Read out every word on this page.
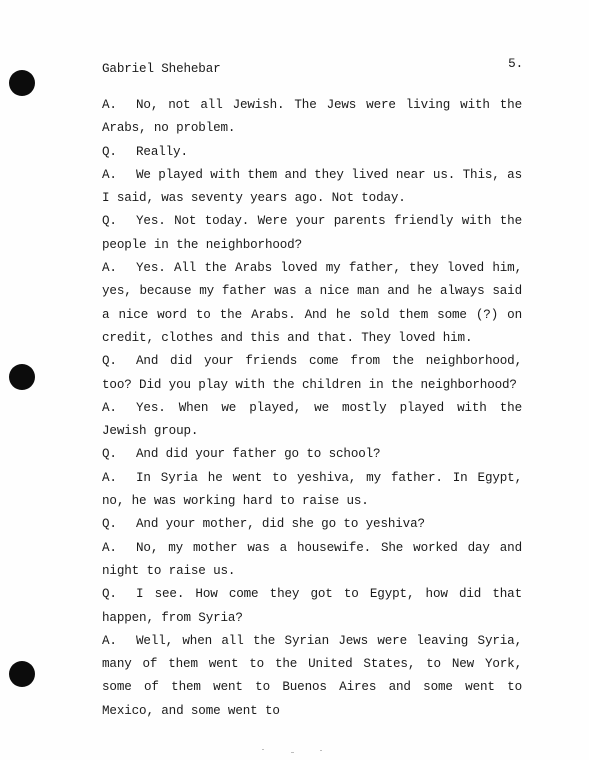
Gabriel Shehebar	5.

A. No, not all Jewish. The Jews were living with the Arabs, no problem.

Q. Really.

A. We played with them and they lived near us. This, as I said, was seventy years ago. Not today.

Q. Yes. Not today. Were your parents friendly with the people in the neighborhood?

A. Yes. All the Arabs loved my father, they loved him, yes, because my father was a nice man and he always said a nice word to the Arabs. And he sold them some (?) on credit, clothes and this and that. They loved him.

Q. And did your friends come from the neighborhood, too? Did you play with the children in the neighborhood?

A. Yes. When we played, we mostly played with the Jewish group.

Q. And did your father go to school?

A. In Syria he went to yeshiva, my father. In Egypt, no, he was working hard to raise us.

Q. And your mother, did she go to yeshiva?

A. No, my mother was a housewife. She worked day and night to raise us.

Q. I see. How come they got to Egypt, how did that happen, from Syria?

A. Well, when all the Syrian Jews were leaving Syria, many of them went to the United States, to New York, some of them went to Buenos Aires and some went to Mexico, and some went to
